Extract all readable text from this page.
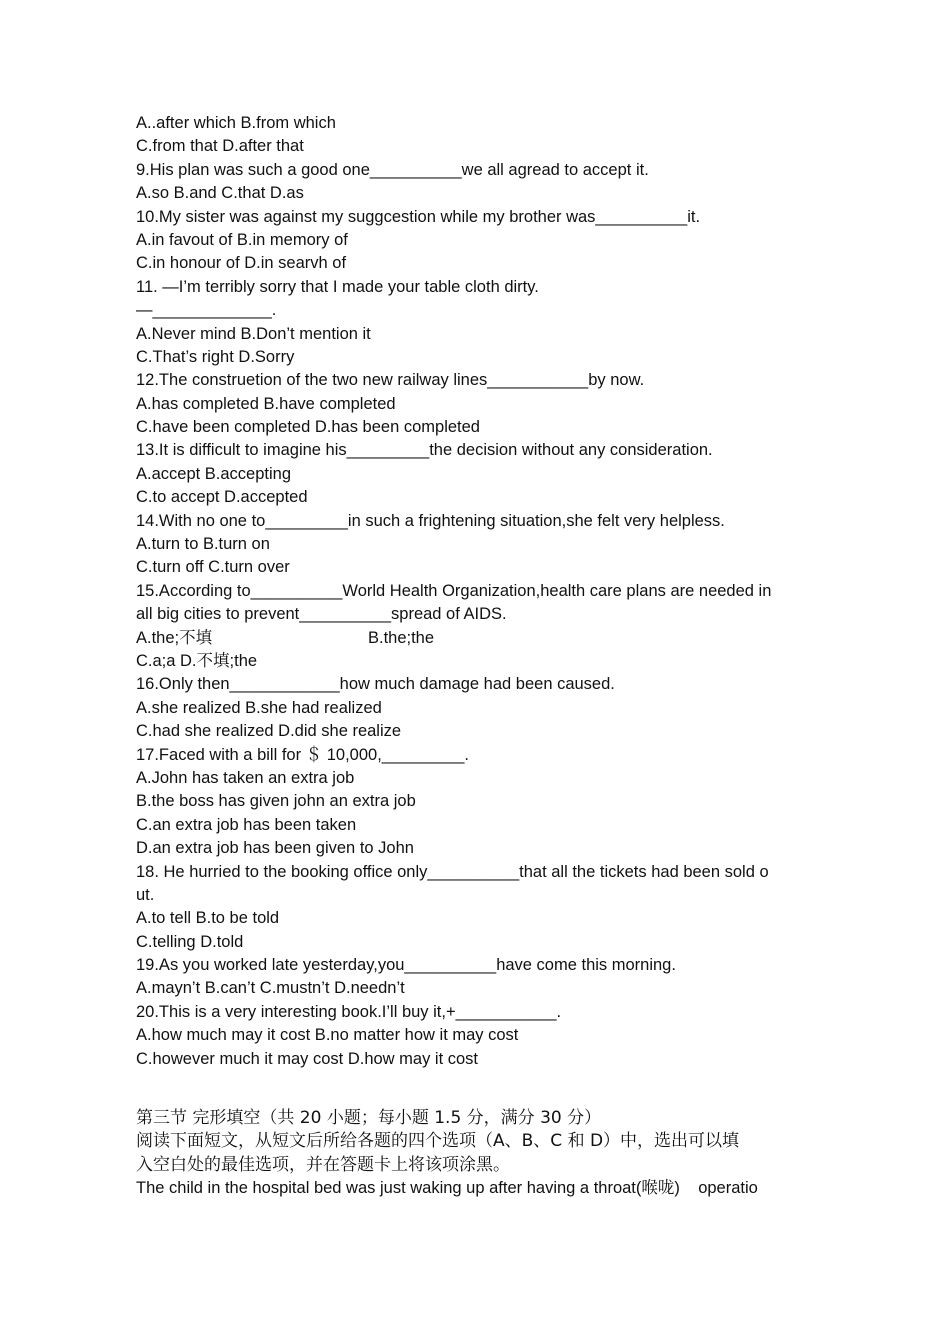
A..after which B.from which
C.from that D.after that
9.His plan was such a good one__________we all agread to accept it.
A.so B.and C.that D.as
10.My sister was against my suggcestion while my brother was__________it.
A.in favout of B.in memory of
C.in honour of D.in searvh of
11. —I’m terribly sorry that I made your table cloth dirty.
—_____________.
A.Never mind B.Don’t mention it
C.That’s right D.Sorry
12.The construetion of the two new railway lines___________by now.
A.has completed B.have completed
C.have been completed D.has been completed
13.It is difficult to imagine his_________the decision without any consideration.
A.accept B.accepting
C.to accept D.accepted
14.With no one to_________in such a frightening situation,she felt very helpless.
A.turn to B.turn on
C.turn off C.turn over
15.According to__________World Health Organization,health care plans are needed in
all big cities to prevent__________spread of AIDS.
A.the;不填                                  B.the;the
C.a;a D.不填;the
16.Only then____________how much damage had been caused.
A.she realized B.she had realized
C.had she realized D.did she realize
17.Faced with a bill for ＄ 10,000,_________.
A.John has taken an extra job
B.the boss has given john an extra job
C.an extra job has been taken
D.an extra job has been given to John
18. He hurried to the booking office only__________that all the tickets had been sold o
ut.
A.to tell B.to be told
C.telling D.told
19.As you worked late yesterday,you__________have come this morning.
A.mayn’t B.can’t C.mustn’t D.needn’t
20.This is a very interesting book.I’ll buy it,+___________.
A.how much may it cost B.no matter how it may cost
C.however much it may cost D.how may it cost
第三节 完形填空（共 20 小题；每小题 1.5 分，满分 30 分）
阅读下面短文，从短文后所给各题的四个选项（A、B、C 和 D）中，选出可以填
入空白处的最佳选项，并在答题卡上将该项涂黑。
The child in the hospital bed was just waking up after having a throat(喉咙)    operatio
